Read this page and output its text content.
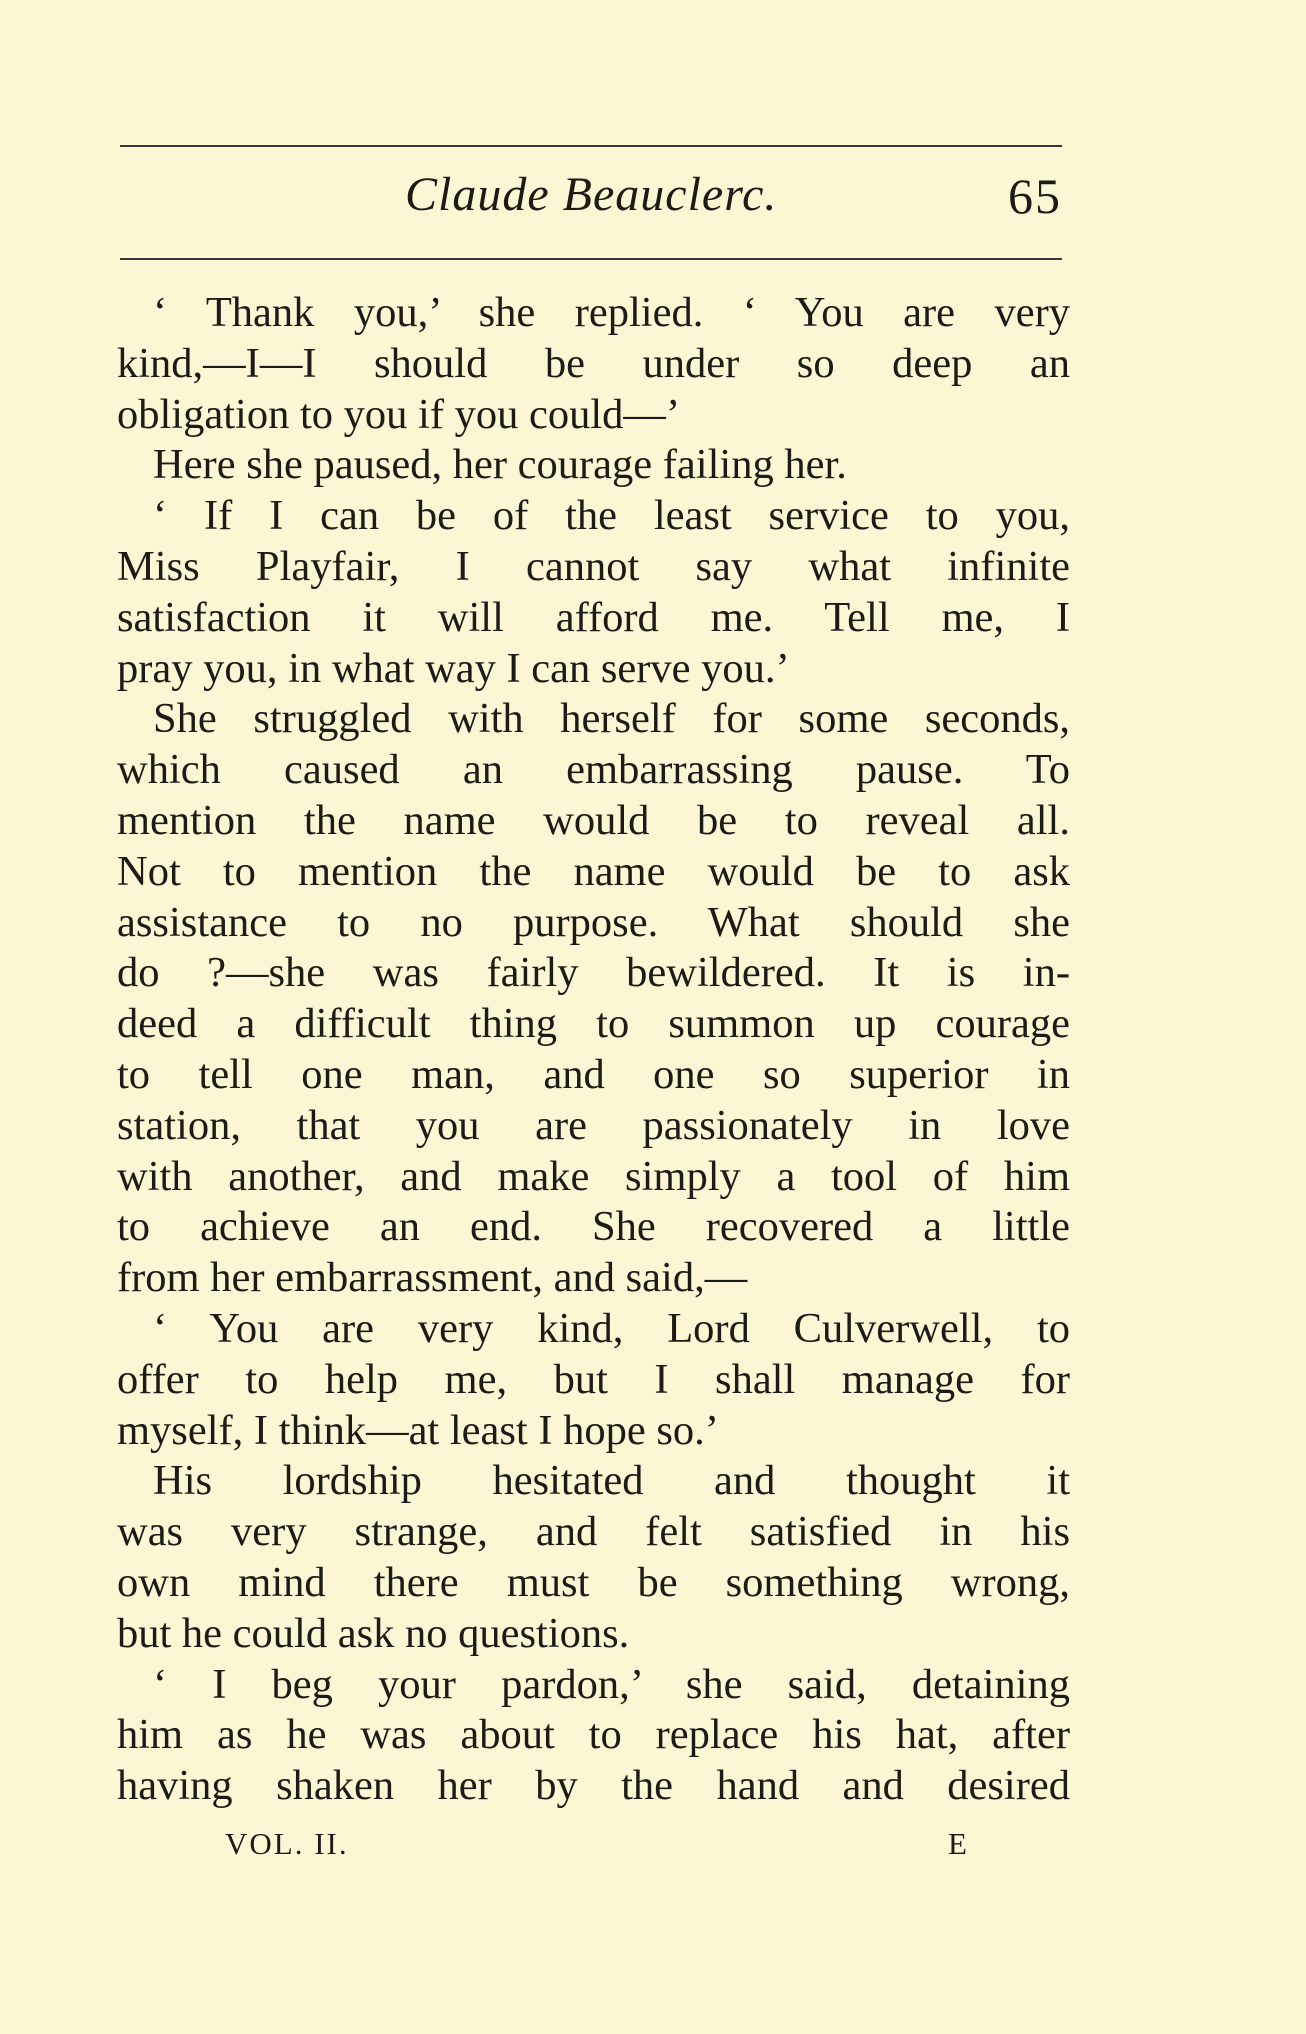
Claude Beauclerc.	65
‘ Thank you,’ she replied. ‘ You are very
kind,—I—I should be under so deep an
obligation to you if you could—’
Here she paused, her courage failing her.
‘ If I can be of the least service to you,
Miss Playfair, I cannot say what infinite
satisfaction it will afford me. Tell me, I
pray you, in what way I can serve you.’
She struggled with herself for some seconds,
which caused an embarrassing pause. To
mention the name would be to reveal all.
Not to mention the name would be to ask
assistance to no purpose. What should she
do ?—she was fairly bewildered. It is in-
deed a difficult thing to summon up courage
to tell one man, and one so superior in
station, that you are passionately in love
with another, and make simply a tool of him
to achieve an end. She recovered a little
from her embarrassment, and said,—
‘ You are very kind, Lord Culverwell, to
offer to help me, but I shall manage for
myself, I think—at least I hope so.’
His lordship hesitated and thought it
was very strange, and felt satisfied in his
own mind there must be something wrong,
but he could ask no questions.
‘ I beg your pardon,’ she said, detaining
him as he was about to replace his hat, after
having shaken her by the hand and desired
VOL. II.	E
